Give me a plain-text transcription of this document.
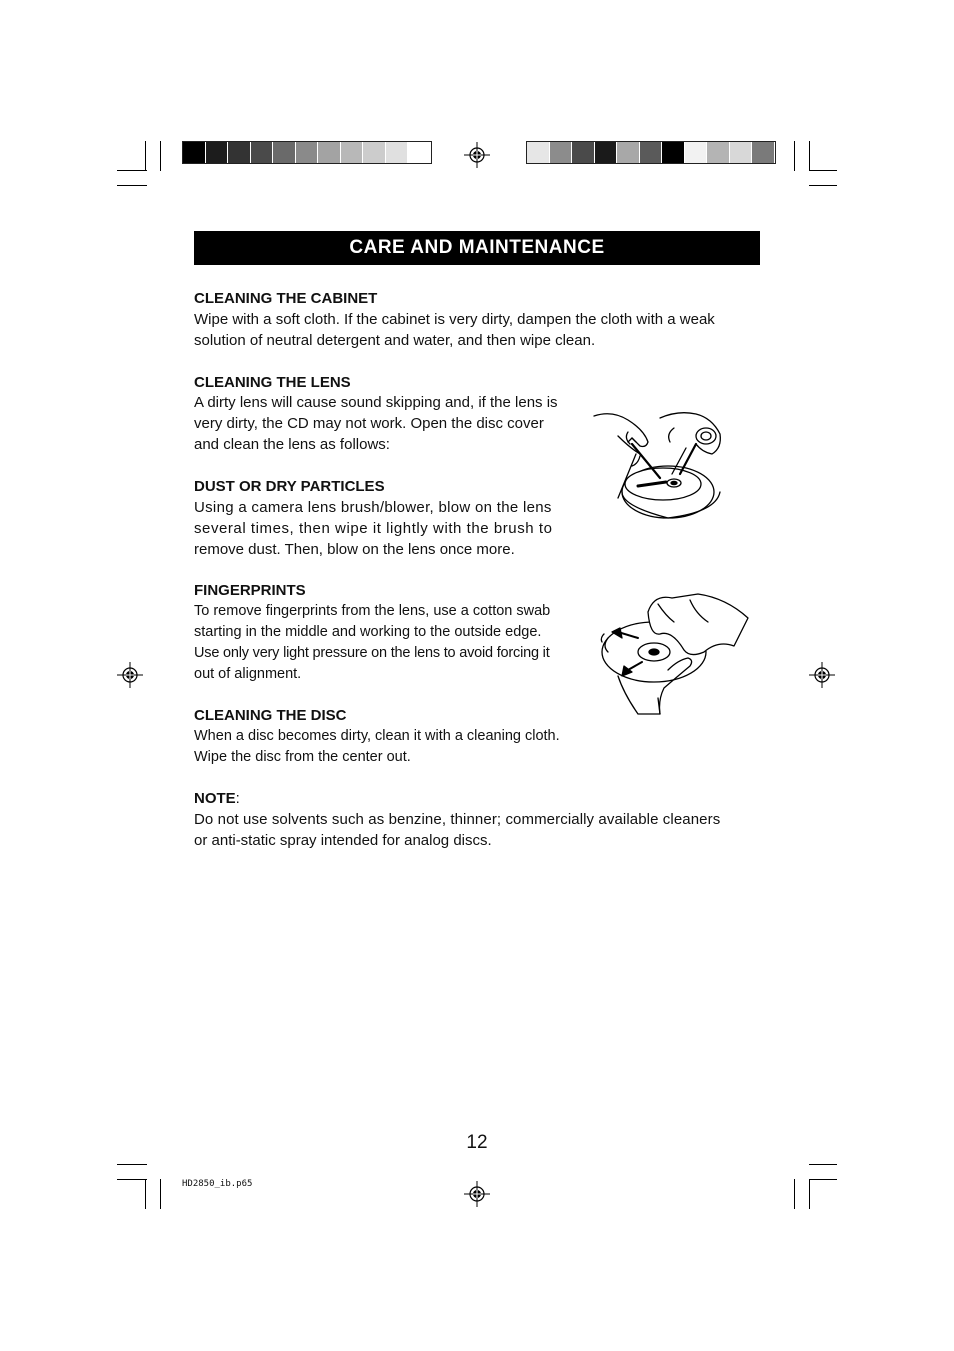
CARE AND MAINTENANCE
CLEANING THE CABINET
Wipe with a soft cloth. If the cabinet is very dirty, dampen the cloth with a weak
solution of neutral detergent and water, and then wipe clean.
CLEANING THE LENS
A dirty lens will cause sound skipping and, if the lens is
very dirty, the CD may not work. Open the disc cover
and clean the lens as follows:
DUST OR DRY PARTICLES
Using a camera lens brush/blower, blow on the lens
several times, then wipe it lightly with the brush to
remove dust. Then, blow on the lens once more.
FINGERPRINTS
To remove fingerprints from the lens, use a cotton swab
starting in the middle and working to the outside edge.
Use only very light pressure on the lens to avoid forcing it
out of alignment.
CLEANING THE DISC
When a disc becomes dirty, clean it with a cleaning cloth.
Wipe the disc from the center out.
NOTE:
Do not use solvents such as benzine, thinner; commercially available cleaners
or anti-static spray intended for analog discs.
12
HD2850_ib.p65
